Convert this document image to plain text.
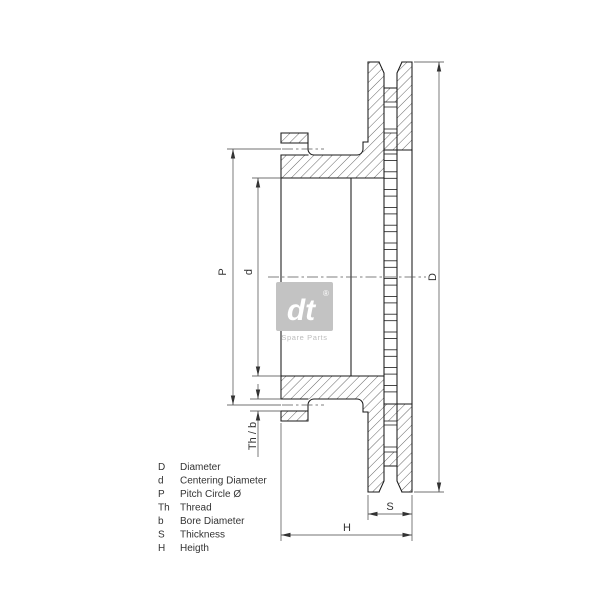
P d
Th / b
D
S
H
D Diameter
d Centering Diameter
P Pitch Circle Ø
Th Thread
b Bore Diameter
S Thickness
H Heigth
dt
®
Spare Parts
